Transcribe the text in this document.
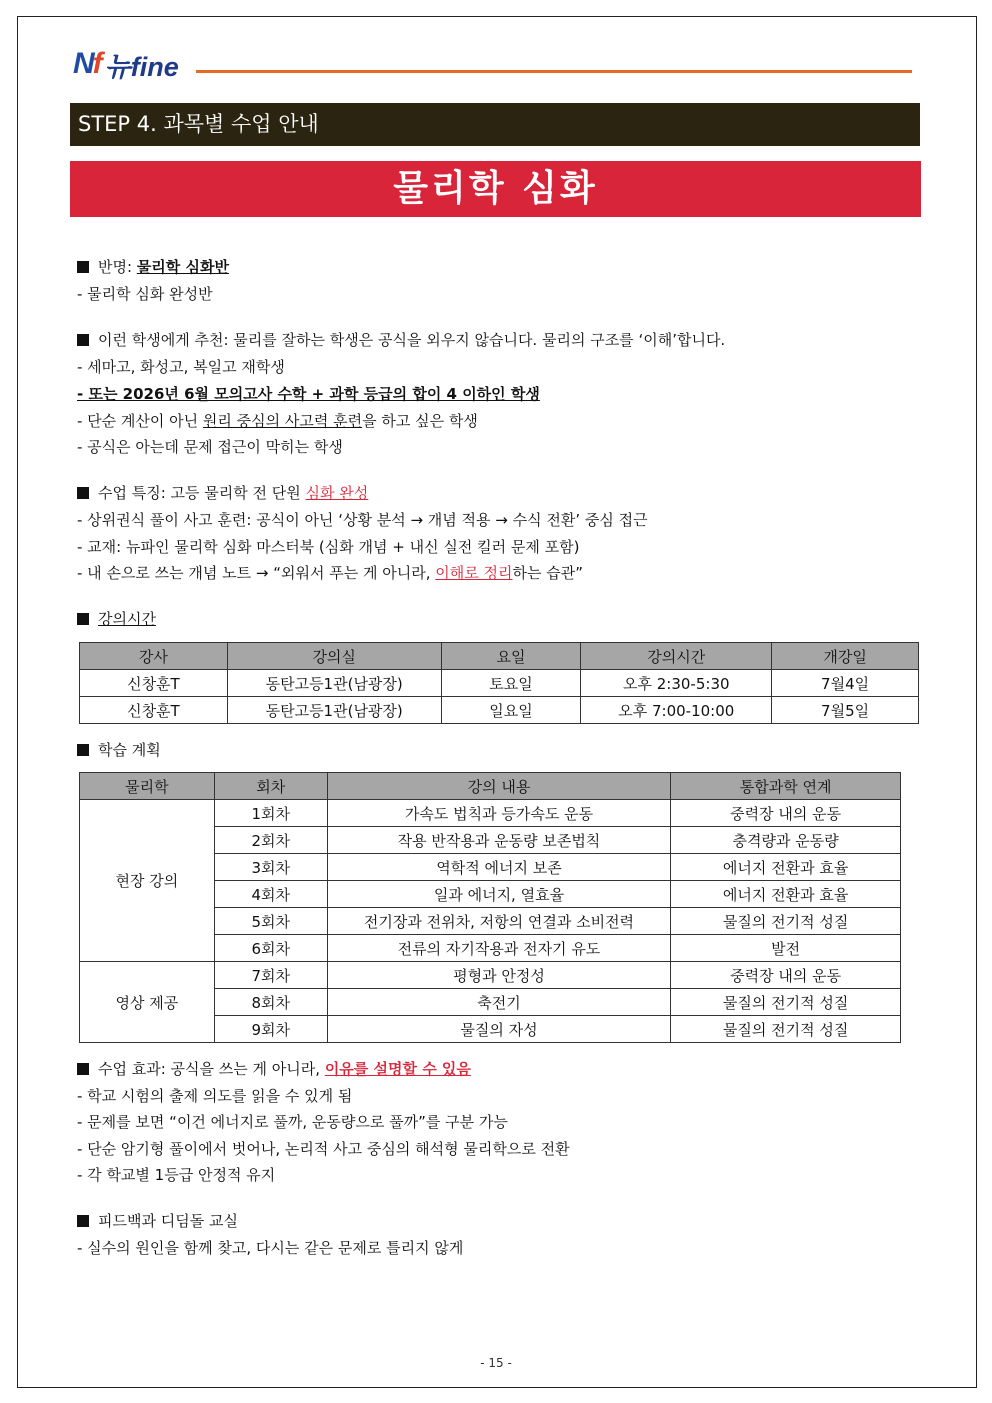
Nf 뉴fine
STEP 4. 과목별 수업 안내
물리학 심화
반명: 물리학 심화반
- 물리학 심화 완성반
이런 학생에게 추천: 물리를 잘하는 학생은 공식을 외우지 않습니다. 물리의 구조를 ‘이해’합니다.
- 세마고, 화성고, 복일고 재학생
- 또는 2026년 6월 모의고사 수학 + 과학 등급의 합이 4 이하인 학생
- 단순 계산이 아닌 원리 중심의 사고력 훈련을 하고 싶은 학생
- 공식은 아는데 문제 접근이 막히는 학생
수업 특징: 고등 물리학 전 단원 심화 완성
- 상위권식 풀이 사고 훈련: 공식이 아닌 ‘상황 분석 → 개념 적용 → 수식 전환’ 중심 접근
- 교재: 뉴파인 물리학 심화 마스터북 (심화 개념 + 내신 실전 킬러 문제 포함)
- 내 손으로 쓰는 개념 노트 → “외워서 푸는 게 아니라, 이해로 정리하는 습관”
강의시간
강사	강의실	요일	강의시간	개강일
신창훈T	동탄고등1관(남광장)	토요일	오후 2:30-5:30	7월4일
신창훈T	동탄고등1관(남광장)	일요일	오후 7:00-10:00	7월5일
학습 계획
물리학	회차	강의 내용	통합과학 연계
현장 강의	1회차	가속도 법칙과 등가속도 운동	중력장 내의 운동
	2회차	작용 반작용과 운동량 보존법칙	충격량과 운동량
	3회차	역학적 에너지 보존	에너지 전환과 효율
	4회차	일과 에너지, 열효율	에너지 전환과 효율
	5회차	전기장과 전위차, 저항의 연결과 소비전력	물질의 전기적 성질
	6회차	전류의 자기작용과 전자기 유도	발전
영상 제공	7회차	평형과 안정성	중력장 내의 운동
	8회차	축전기	물질의 전기적 성질
	9회차	물질의 자성	물질의 전기적 성질
수업 효과: 공식을 쓰는 게 아니라, 이유를 설명할 수 있음
- 학교 시험의 출제 의도를 읽을 수 있게 됨
- 문제를 보면 “이건 에너지로 풀까, 운동량으로 풀까”를 구분 가능
- 단순 암기형 풀이에서 벗어나, 논리적 사고 중심의 해석형 물리학으로 전환
- 각 학교별 1등급 안정적 유지
피드백과 디딤돌 교실
- 실수의 원인을 함께 찾고, 다시는 같은 문제로 틀리지 않게
- 15 -
